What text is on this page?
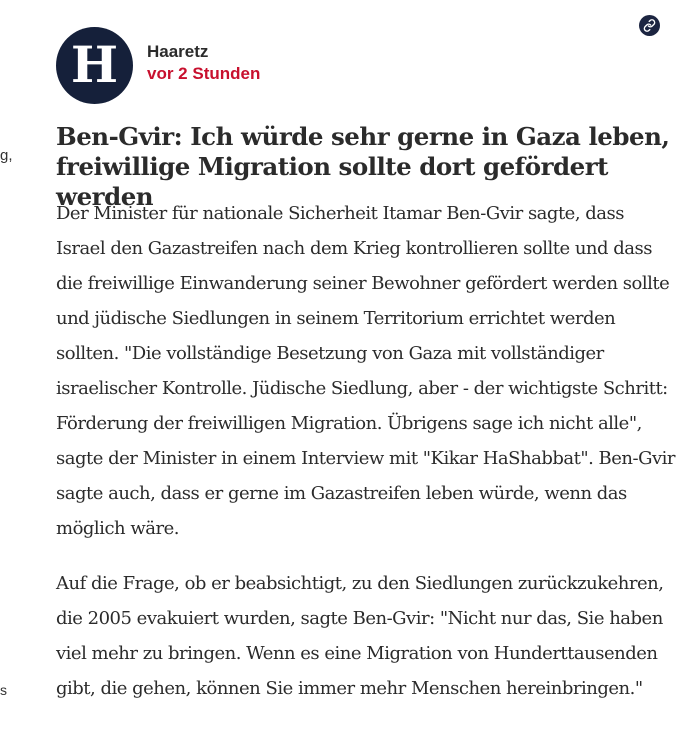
g,
s
H Haaretz
vor 2 Stunden
Ben-Gvir: Ich würde sehr gerne in Gaza leben, freiwillige Migration sollte dort gefördert werden

Der Minister für nationale Sicherheit Itamar Ben-Gvir sagte, dass Israel den Gazastreifen nach dem Krieg kontrollieren sollte und dass die freiwillige Einwanderung seiner Bewohner gefördert werden sollte und jüdische Siedlungen in seinem Territorium errichtet werden sollten. "Die vollständige Besetzung von Gaza mit vollständiger israelischer Kontrolle. Jüdische Siedlung, aber - der wichtigste Schritt: Förderung der freiwilligen Migration. Übrigens sage ich nicht alle", sagte der Minister in einem Interview mit "Kikar HaShabbat". Ben-Gvir sagte auch, dass er gerne im Gazastreifen leben würde, wenn das möglich wäre.

Auf die Frage, ob er beabsichtigt, zu den Siedlungen zurückzukehren, die 2005 evakuiert wurden, sagte Ben-Gvir: "Nicht nur das, Sie haben viel mehr zu bringen. Wenn es eine Migration von Hunderttausenden gibt, die gehen, können Sie immer mehr Menschen hereinbringen."
